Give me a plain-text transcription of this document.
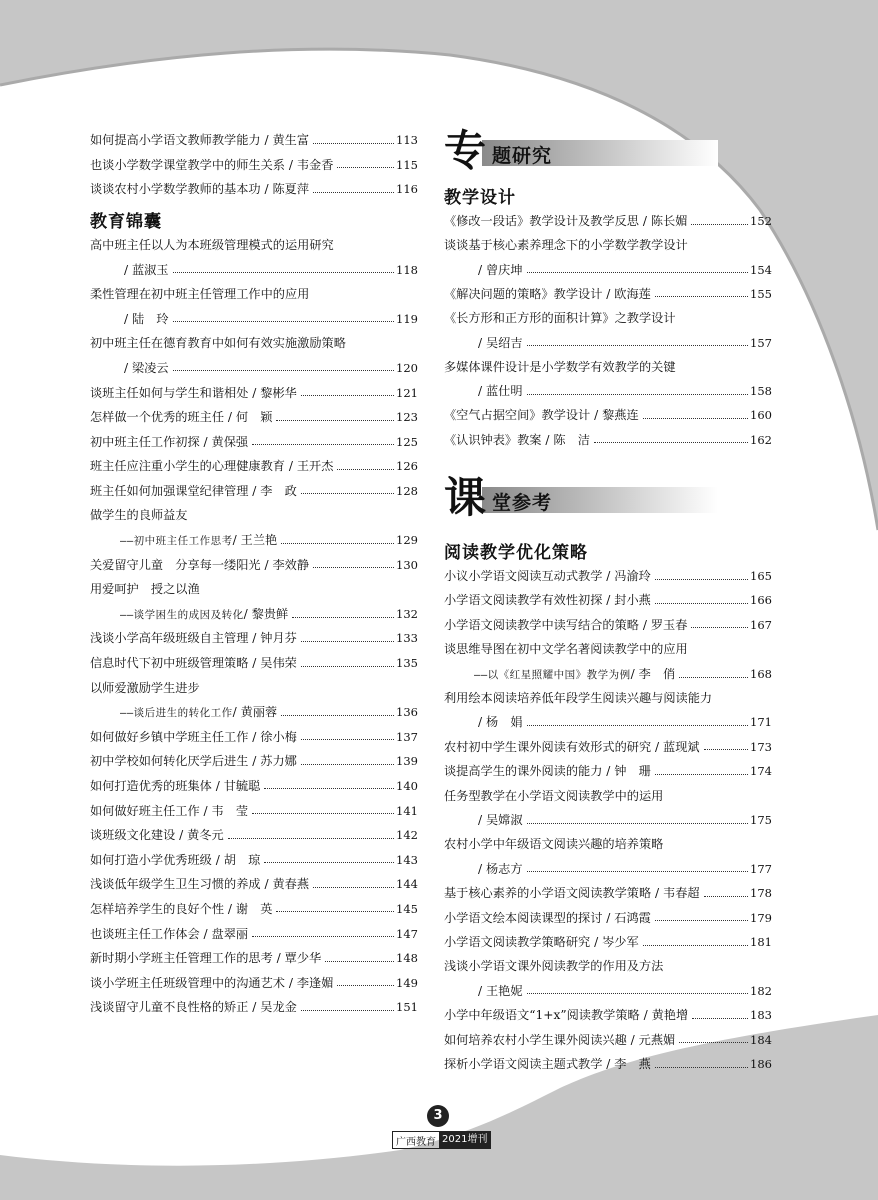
如何提高小学语文教师教学能力 / 黄生富	113
也谈小学数学课堂教学中的师生关系 / 韦金香	115
谈谈农村小学数学教师的基本功 / 陈夏萍	116
教育锦囊
高中班主任以人为本班级管理模式的运用研究
/ 蓝淑玉	118
柔性管理在初中班主任管理工作中的应用
/ 陆　玲	119
初中班主任在德育教育中如何有效实施激励策略
/ 梁凌云	120
谈班主任如何与学生和谐相处 / 黎彬华	121
怎样做一个优秀的班主任 / 何　颖	123
初中班主任工作初探 / 黄保强	125
班主任应注重小学生的心理健康教育 / 王开杰	126
班主任如何加强课堂纪律管理 / 李　政	128
做学生的良师益友
——初中班主任工作思考 / 王兰艳	129
关爱留守儿童　分享每一缕阳光 / 李效静	130
用爱呵护　授之以渔
——谈学困生的成因及转化 / 黎贵鲜	132
浅谈小学高年级班级自主管理 / 钟月芬	133
信息时代下初中班级管理策略 / 吴伟荣	135
以师爱激励学生进步
——谈后进生的转化工作 / 黄丽蓉	136
如何做好乡镇中学班主任工作 / 徐小梅	137
初中学校如何转化厌学后进生 / 苏力娜	139
如何打造优秀的班集体 / 甘毓聪	140
如何做好班主任工作 / 韦　莹	141
谈班级文化建设 / 黄冬元	142
如何打造小学优秀班级 / 胡　琼	143
浅谈低年级学生卫生习惯的养成 / 黄春燕	144
怎样培养学生的良好个性 / 谢　英	145
也谈班主任工作体会 / 盘翠丽	147
新时期小学班主任管理工作的思考 / 覃少华	148
谈小学班主任班级管理中的沟通艺术 / 李逢媚	149
浅谈留守儿童不良性格的矫正 / 吴龙金	151
专 题研究
教学设计
《修改一段话》教学设计及教学反思 / 陈长媚	152
谈谈基于核心素养理念下的小学数学教学设计
/ 曾庆坤	154
《解决问题的策略》教学设计 / 欧海莲	155
《长方形和正方形的面积计算》之教学设计
/ 吴绍吉	157
多媒体课件设计是小学数学有效教学的关键
/ 蓝仕明	158
《空气占据空间》教学设计 / 黎燕连	160
《认识钟表》教案 / 陈　洁	162
课 堂参考
阅读教学优化策略
小议小学语文阅读互动式教学 / 冯渝玲	165
小学语文阅读教学有效性初探 / 封小燕	166
小学语文阅读教学中读写结合的策略 / 罗玉春	167
谈思维导图在初中文学名著阅读教学中的应用
——以《红星照耀中国》教学为例 / 李　俏	168
利用绘本阅读培养低年段学生阅读兴趣与阅读能力
/ 杨　娟	171
农村初中学生课外阅读有效形式的研究 / 蓝现斌	173
谈提高学生的课外阅读的能力 / 钟　珊	174
任务型教学在小学语文阅读教学中的运用
/ 吴嫦淑	175
农村小学中年级语文阅读兴趣的培养策略
/ 杨志方	177
基于核心素养的小学语文阅读教学策略 / 韦春超	178
小学语文绘本阅读课型的探讨 / 石鸿霞	179
小学语文阅读教学策略研究 / 岑少军	181
浅谈小学语文课外阅读教学的作用及方法
/ 王艳妮	182
小学中年级语文“1+x”阅读教学策略 / 黄艳增	183
如何培养农村小学生课外阅读兴趣 / 元燕媚	184
探析小学语文阅读主题式教学 / 李　燕	186
3
广西教育 2021增刊
